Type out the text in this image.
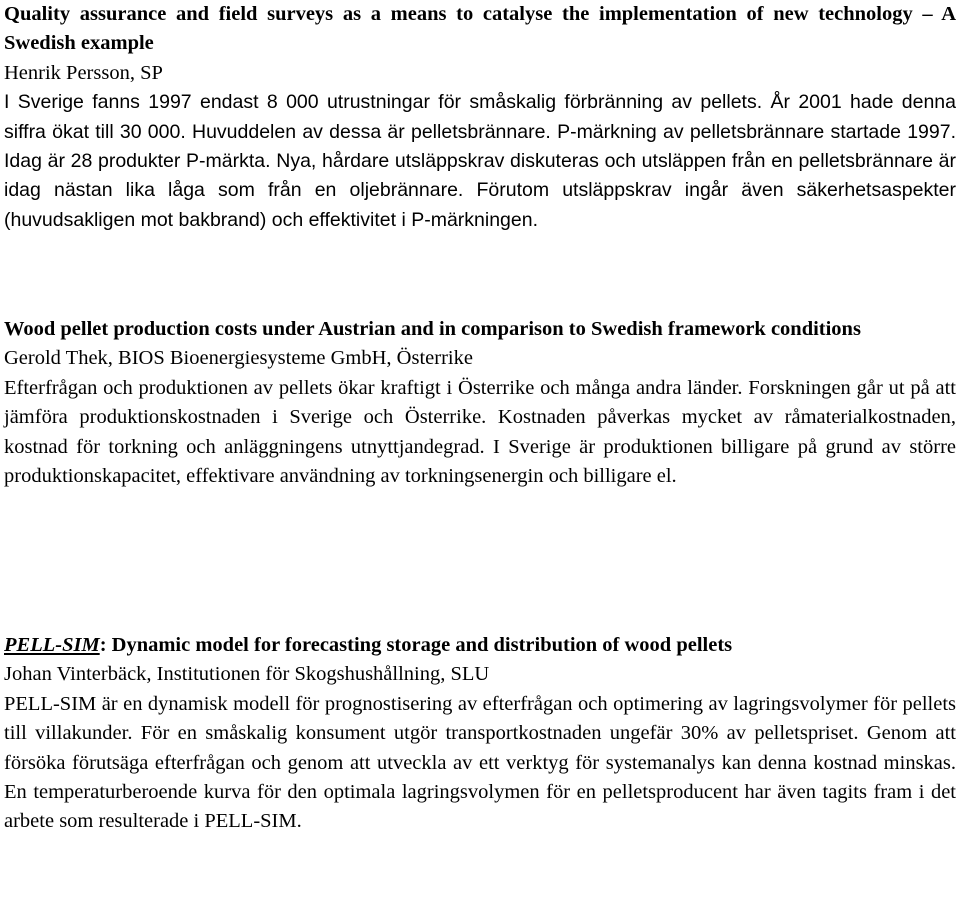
Quality assurance and field surveys as a means to catalyse the implementation of new technology – A Swedish example

Henrik Persson, SP

I Sverige fanns 1997 endast 8 000 utrustningar för småskalig förbränning av pellets. År 2001 hade denna siffra ökat till 30 000. Huvuddelen av dessa är pelletsbrännare. P-märkning av pelletsbrännare startade 1997. Idag är 28 produkter P-märkta. Nya, hårdare utsläppskrav diskuteras och utsläppen från en pelletsbrännare är idag nästan lika låga som från en oljebrännare. Förutom utsläppskrav ingår även säkerhetsaspekter (huvudsakligen mot bakbrand) och effektivitet i P-märkningen.

Wood pellet production costs under Austrian and in comparison to Swedish framework conditions

Gerold Thek, BIOS Bioenergiesysteme GmbH, Österrike

Efterfrågan och produktionen av pellets ökar kraftigt i Österrike och många andra länder. Forskningen går ut på att jämföra produktionskostnaden i Sverige och Österrike. Kostnaden påverkas mycket av råmaterialkostnaden, kostnad för torkning och anläggningens utnyttjandegrad. I Sverige är produktionen billigare på grund av större produktionskapacitet, effektivare användning av torkningsenergin och billigare el.

PELL-SIM: Dynamic model for forecasting storage and distribution of wood pellets

Johan Vinterbäck, Institutionen för Skogshushållning, SLU

PELL-SIM är en dynamisk modell för prognostisering av efterfrågan och optimering av lagringsvolymer för pellets till villakunder. För en småskalig konsument utgör transportkostnaden ungefär 30% av pelletspriset. Genom att försöka förutsäga efterfrågan och genom att utveckla av ett verktyg för systemanalys kan denna kostnad minskas. En temperaturberoende kurva för den optimala lagringsvolymen för en pelletsproducent har även tagits fram i det arbete som resulterade i PELL-SIM.
